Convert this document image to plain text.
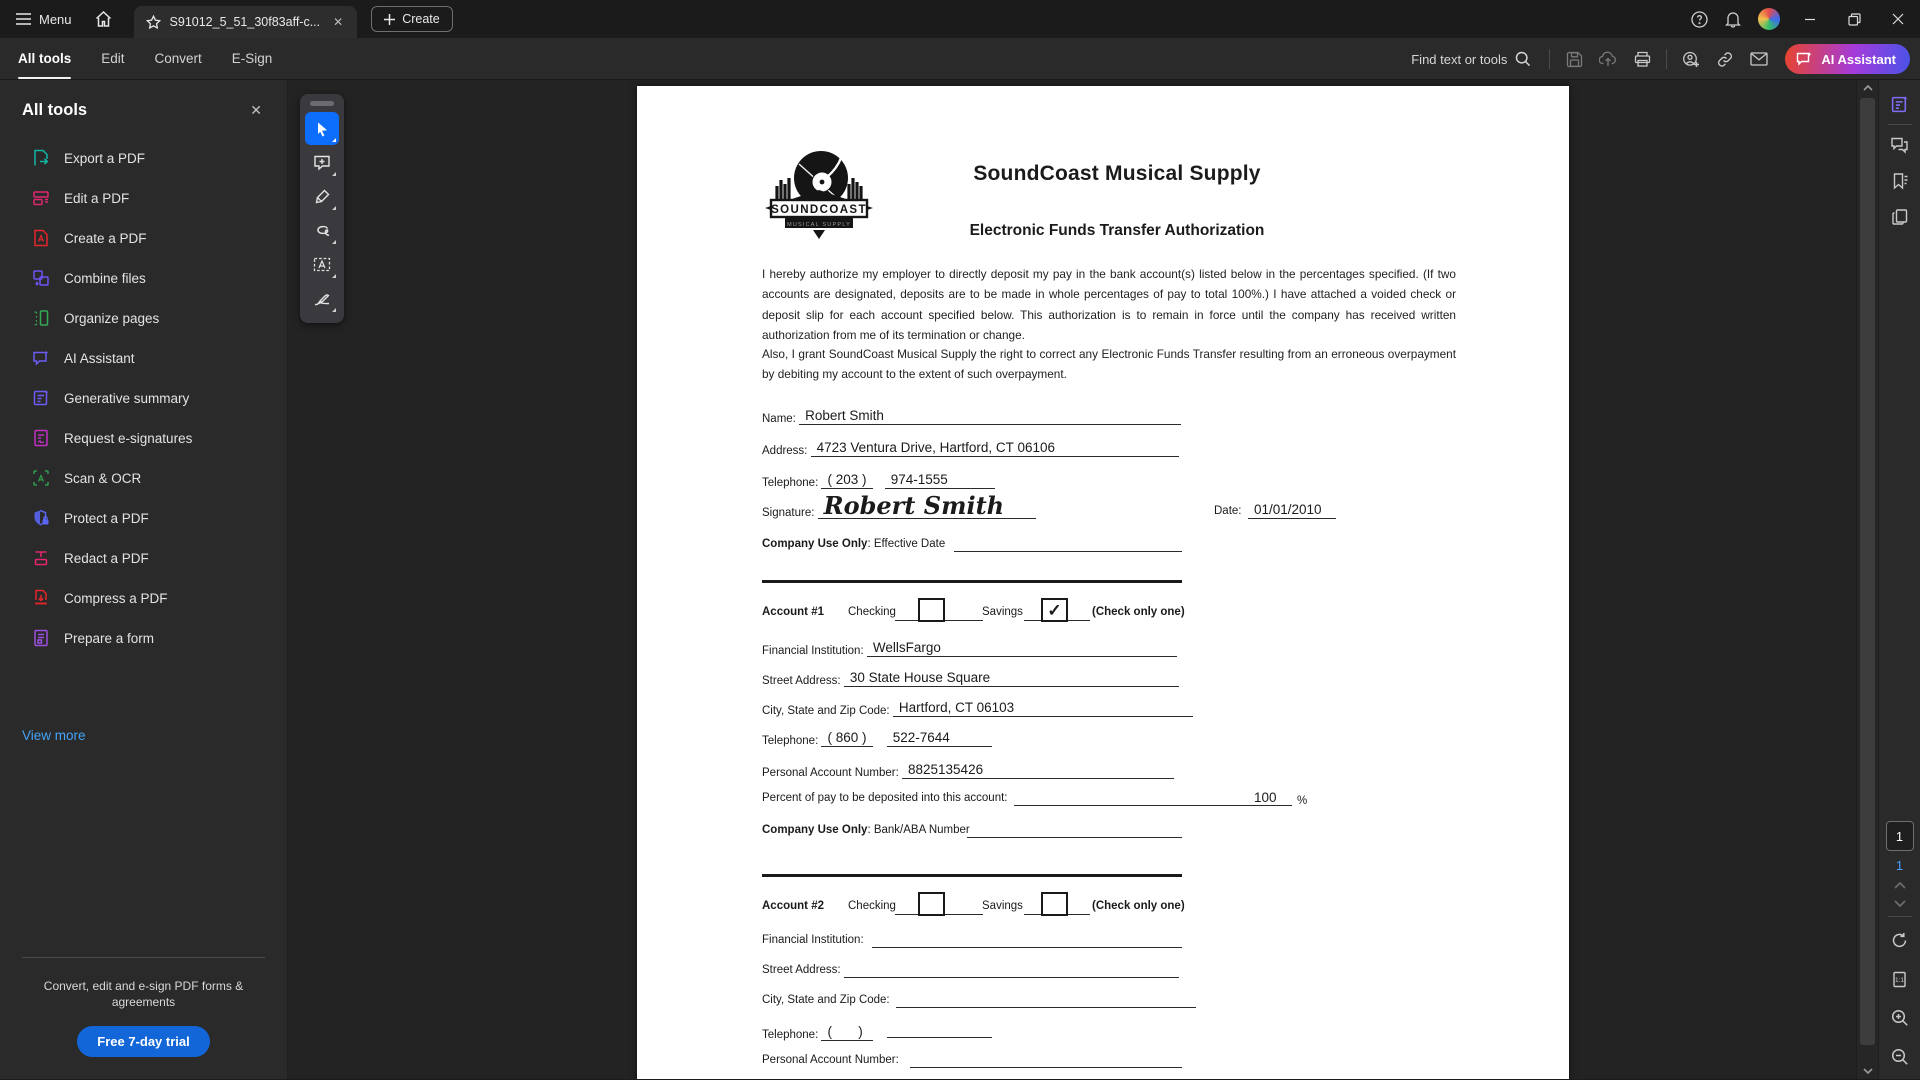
Menu	S91012_5_51_30f83aff-c...	✕	Create
All tools Edit Convert E-Sign	Find text or tools	AI Assistant
All tools	✕
Export a PDF
Edit a PDF
Create a PDF
Combine files
Organize pages
AI Assistant
Generative summary
Request e-signatures
Scan & OCR
Protect a PDF
Redact a PDF
Compress a PDF
Prepare a form
View more
Convert, edit and e-sign PDF forms & agreements
Free 7-day trial
SOUNDCOAST
MUSICAL SUPPLY
SoundCoast Musical Supply
Electronic Funds Transfer Authorization
I hereby authorize my employer to directly deposit my pay in the bank account(s) listed below in the percentages specified. (If two accounts are designated, deposits are to be made in whole percentages of pay to total 100%.) I have attached a voided check or deposit slip for each account specified below. This authorization is to remain in force until the company has received written authorization from me of its termination or change.
Also, I grant SoundCoast Musical Supply the right to correct any Electronic Funds Transfer resulting from an erroneous overpayment by debiting my account to the extent of such overpayment.
Name: Robert Smith
Address: 4723 Ventura Drive, Hartford, CT 06106
Telephone: ( 203 ) 974-1555
Signature: Robert Smith	Date: 01/01/2010
Company Use Only: Effective Date
Account #1 Checking	Savings	✓	(Check only one)
Financial Institution: WellsFargo
Street Address: 30 State House Square
City, State and Zip Code: Hartford, CT 06103
Telephone: ( 860 ) 522-7644
Personal Account Number: 8825135426
Percent of pay to be deposited into this account:	100 %
Company Use Only: Bank/ABA Number
Account #2 Checking	Savings	(Check only one)
Financial Institution:
Street Address:
City, State and Zip Code:
Telephone: (       )
Personal Account Number:
1
1
1:1
